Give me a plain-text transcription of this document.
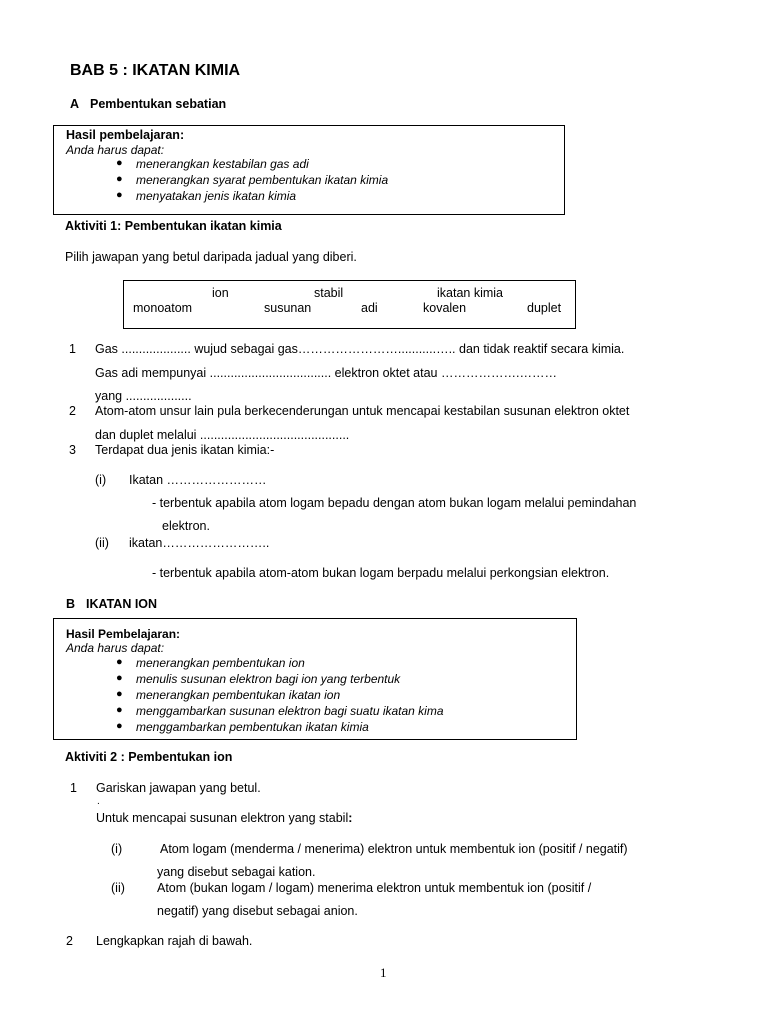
BAB 5 : IKATAN KIMIA
A Pembentukan sebatian
Hasil pembelajaran:
Anda harus dapat:
● menerangkan kestabilan gas adi
● menerangkan syarat pembentukan ikatan kimia
● menyatakan jenis ikatan kimia
Aktiviti 1: Pembentukan ikatan kimia
Pilih jawapan yang betul daripada jadual yang diberi.
ion	stabil	ikatan kimia
monoatom	susunan	adi	kovalen	duplet
1 Gas .................... wujud sebagai gas……………………...........….. dan tidak reaktif secara kimia.
Gas adi mempunyai ................................... elektron oktet atau ……………….………
yang ...................
2 Atom-atom unsur lain pula berkecenderungan untuk mencapai kestabilan susunan elektron oktet
dan duplet melalui ...........................................
3 Terdapat dua jenis ikatan kimia:-
(i) Ikatan ……………………
- terbentuk apabila atom logam bepadu dengan atom bukan logam melalui pemindahan
elektron.
(ii) ikatan……………………..
- terbentuk apabila atom-atom bukan logam berpadu melalui perkongsian elektron.
B IKATAN ION
Hasil Pembelajaran:
Anda harus dapat:
● menerangkan pembentukan ion
● menulis susunan elektron bagi ion yang terbentuk
● menerangkan pembentukan ikatan ion
● menggambarkan susunan elektron bagi suatu ikatan kima
● menggambarkan pembentukan ikatan kimia
Aktiviti 2 : Pembentukan ion
1 Gariskan jawapan yang betul.
.
Untuk mencapai susunan elektron yang stabil:
(i)	Atom logam (menderma / menerima) elektron untuk membentuk ion (positif / negatif)
yang disebut sebagai kation.
(ii)	Atom (bukan logam / logam) menerima elektron untuk membentuk ion (positif /
negatif) yang disebut sebagai anion.
2 Lengkapkan rajah di bawah.
1
